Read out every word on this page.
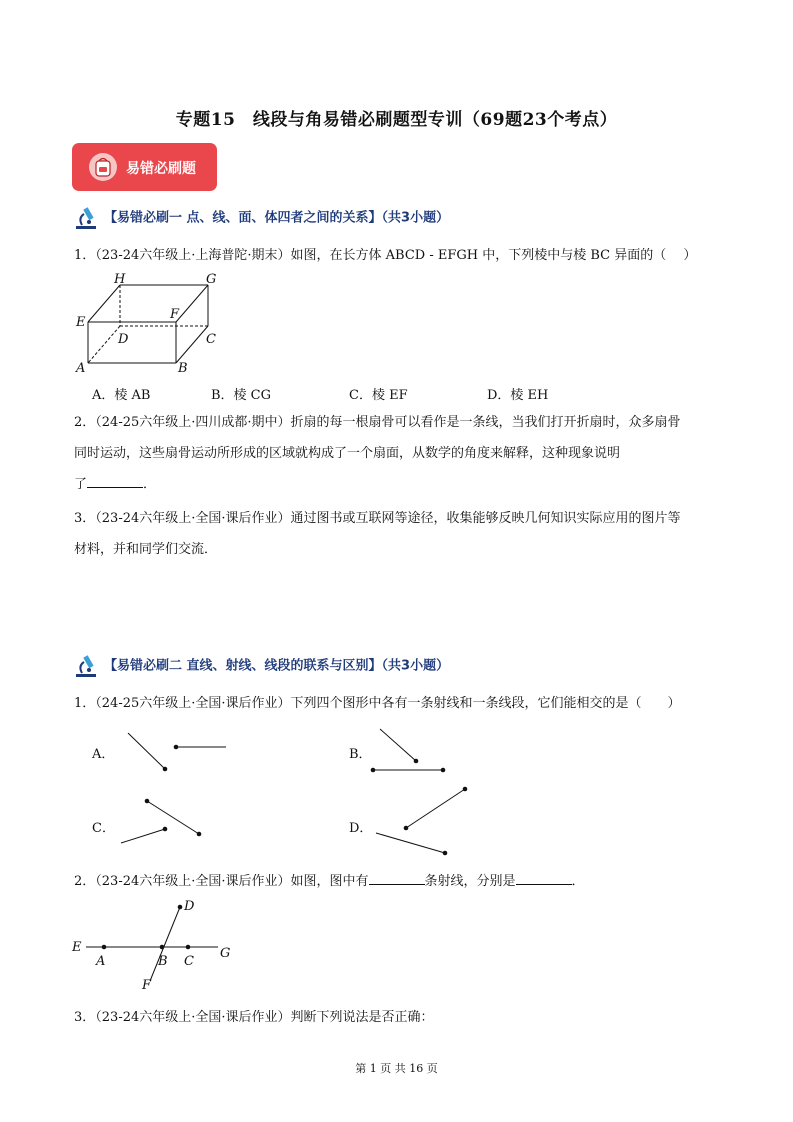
专题15　线段与角易错必刷题型专训（69题23个考点）
易错必刷题
【易错必刷一 点、线、面、体四者之间的关系】（共3小题）
1．（23-24六年级上·上海普陀·期末）如图，在长方体 ABCD - EFGH 中，下列棱中与棱 BC 异面的（　 ）
H	G
E
F
D	C
A	B
A．棱 AB	B．棱 CG	C．棱 EF	D．棱 EH
2．（24-25六年级上·四川成都·期中）折扇的每一根扇骨可以看作是一条线，当我们打开折扇时，众多扇骨
同时运动，这些扇骨运动所形成的区域就构成了一个扇面，从数学的角度来解释，这种现象说明
了	．
3．（23-24六年级上·全国·课后作业）通过图书或互联网等途径，收集能够反映几何知识实际应用的图片等
材料，并和同学们交流．
【易错必刷二 直线、射线、线段的联系与区别】（共3小题）
1．（24-25六年级上·全国·课后作业）下列四个图形中各有一条射线和一条线段，它们能相交的是（　　）
A．	B．
C．	D．
2．（23-24六年级上·全国·课后作业）如图，图中有	条射线，分别是	．
D
E
A	B C
G
F
3．（23-24六年级上·全国·课后作业）判断下列说法是否正确：
第 1 页 共 16 页
